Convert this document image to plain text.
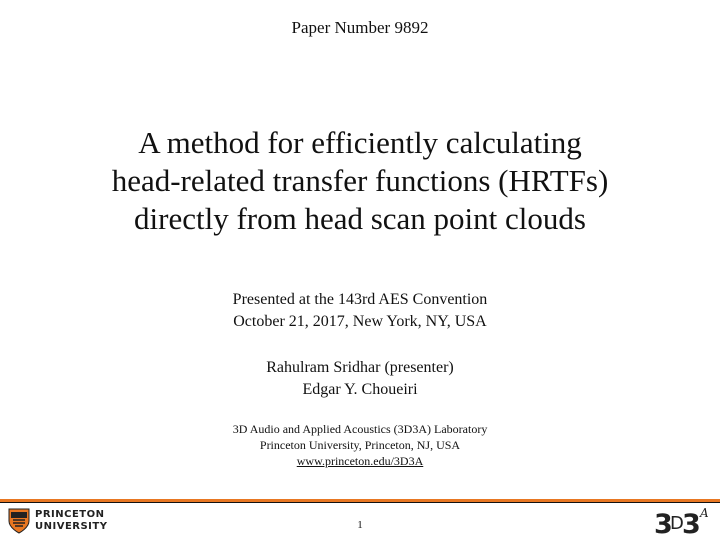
Paper Number 9892
A method for efficiently calculating
head-related transfer functions (HRTFs)
directly from head scan point clouds
Presented at the 143rd AES Convention
October 21, 2017, New York, NY, USA
Rahulram Sridhar (presenter)
Edgar Y. Choueiri
3D Audio and Applied Acoustics (3D3A) Laboratory
Princeton University, Princeton, NJ, USA
www.princeton.edu/3D3A
PRINCETON
UNIVERSITY	1	3
D
3 A
